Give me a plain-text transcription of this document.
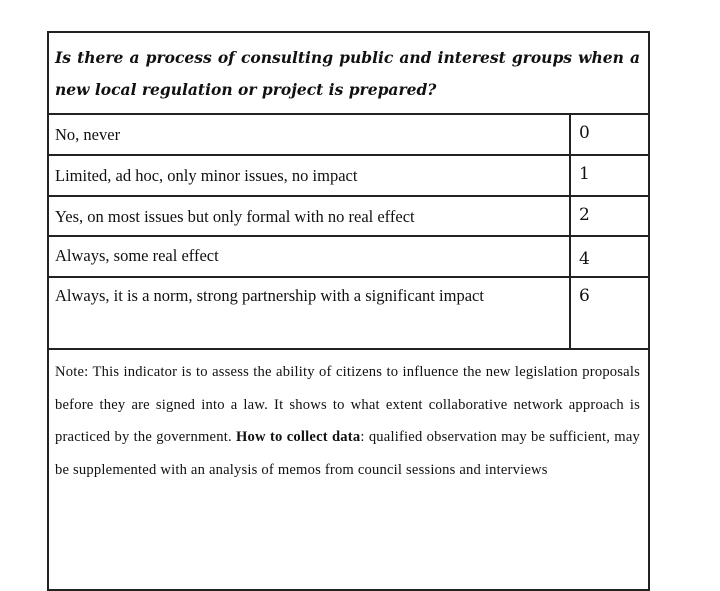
Is there a process of consulting public and interest groups when a new local regulation or project is prepared?
No, never	0
Limited, ad hoc, only minor issues, no impact	1
Yes, on most issues but only formal with no real effect	2
Always, some real effect	4
Always, it is a norm, strong partnership with a significant impact	6
Note: This indicator is to assess the ability of citizens to influence the new legislation proposals before they are signed into a law. It shows to what extent collaborative network approach is practiced by the government. How to collect data: qualified observation may be sufficient, may be supplemented with an analysis of memos from council sessions and interviews
